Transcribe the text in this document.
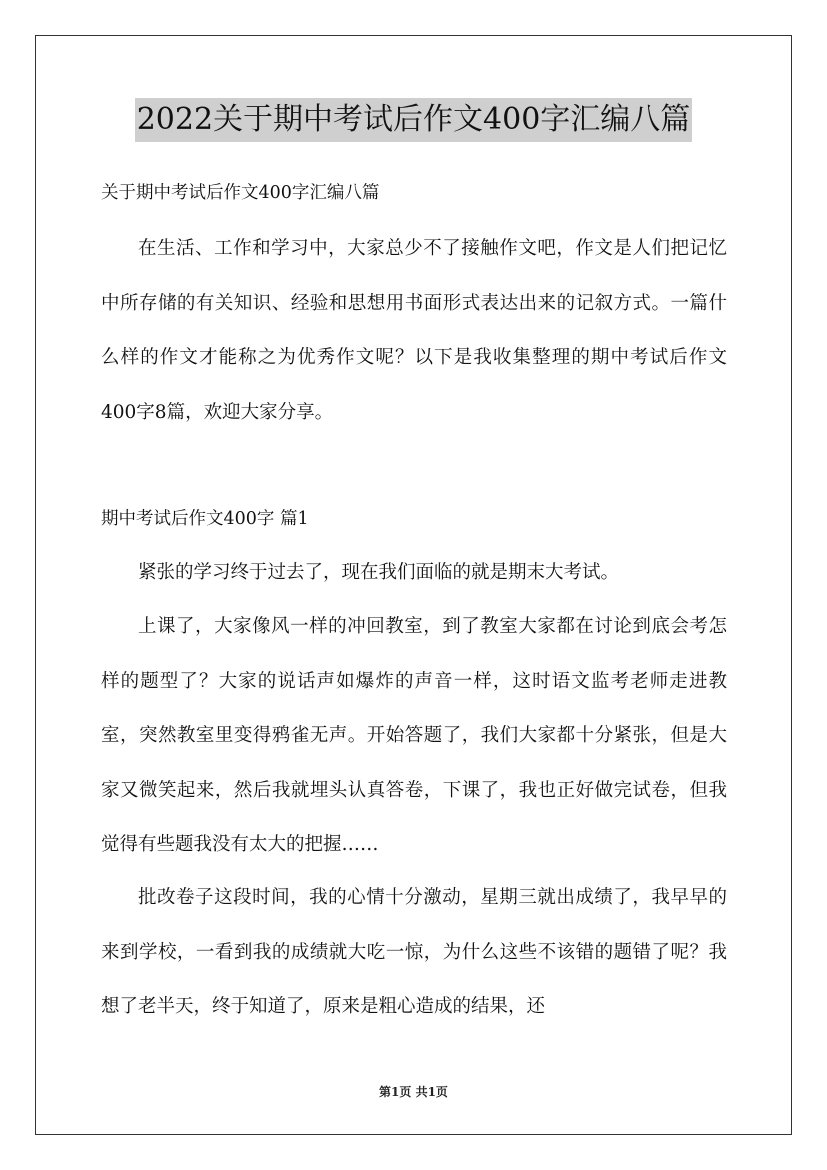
2022关于期中考试后作文400字汇编八篇
关于期中考试后作文400字汇编八篇

在生活、工作和学习中，大家总少不了接触作文吧，作文是人们把记忆中所存储的有关知识、经验和思想用书面形式表达出来的记叙方式。一篇什么样的作文才能称之为优秀作文呢？以下是我收集整理的期中考试后作文400字8篇，欢迎大家分享。

期中考试后作文400字 篇1

紧张的学习终于过去了，现在我们面临的就是期末大考试。

上课了，大家像风一样的冲回教室，到了教室大家都在讨论到底会考怎样的题型了？大家的说话声如爆炸的声音一样，这时语文监考老师走进教室，突然教室里变得鸦雀无声。开始答题了，我们大家都十分紧张，但是大家又微笑起来，然后我就埋头认真答卷，下课了，我也正好做完试卷，但我觉得有些题我没有太大的把握……

批改卷子这段时间，我的心情十分激动，星期三就出成绩了，我早早的来到学校，一看到我的成绩就大吃一惊，为什么这些不该错的题错了呢？我想了老半天，终于知道了，原来是粗心造成的结果，还

第1页 共1页
